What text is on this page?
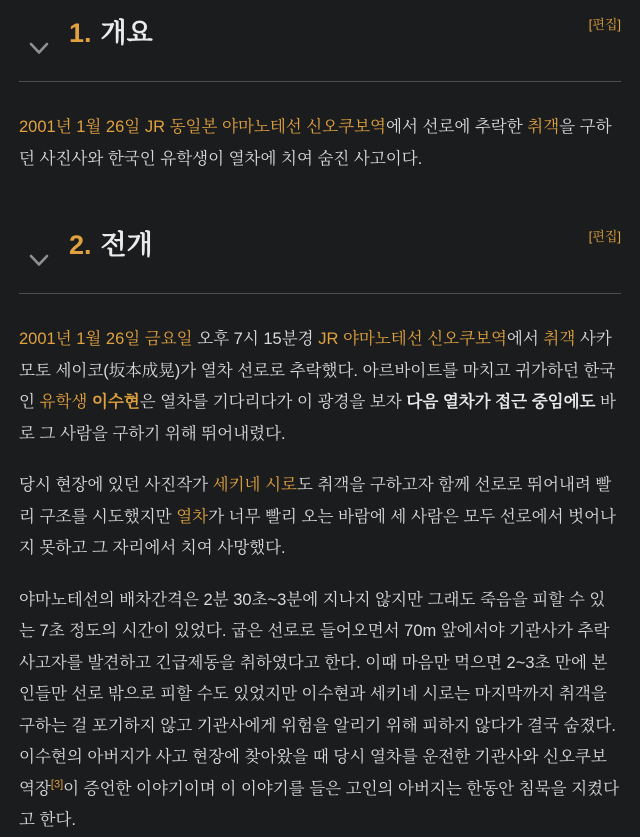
1. 개요	[편집]

2001년 1월 26일 JR 동일본 야마노테선 신오쿠보역에서 선로에 추락한 취객을 구하던 사진사와 한국인 유학생이 열차에 치여 숨진 사고이다.

2. 전개	[편집]

2001년 1월 26일 금요일 오후 7시 15분경 JR 야마노테선 신오쿠보역에서 취객 사카모토 세이코(坂本成晃)가 열차 선로로 추락했다. 아르바이트를 마치고 귀가하던 한국인 유학생 이수현은 열차를 기다리다가 이 광경을 보자 다음 열차가 접근 중임에도 바로 그 사람을 구하기 위해 뛰어내렸다.

당시 현장에 있던 사진작가 세키네 시로도 취객을 구하고자 함께 선로로 뛰어내려 빨리 구조를 시도했지만 열차가 너무 빨리 오는 바람에 세 사람은 모두 선로에서 벗어나지 못하고 그 자리에서 치여 사망했다.

야마노테선의 배차간격은 2분 30초~3분에 지나지 않지만 그래도 죽음을 피할 수 있는 7초 정도의 시간이 있었다. 굽은 선로로 들어오면서 70m 앞에서야 기관사가 추락 사고자를 발견하고 긴급제동을 취하였다고 한다. 이때 마음만 먹으면 2~3초 만에 본인들만 선로 밖으로 피할 수도 있었지만 이수현과 세키네 시로는 마지막까지 취객을 구하는 걸 포기하지 않고 기관사에게 위험을 알리기 위해 피하지 않다가 결국 숨졌다. 이수현의 아버지가 사고 현장에 찾아왔을 때 당시 열차를 운전한 기관사와 신오쿠보역장[3]이 증언한 이야기이며 이 이야기를 들은 고인의 아버지는 한동안 침묵을 지켰다고 한다.
